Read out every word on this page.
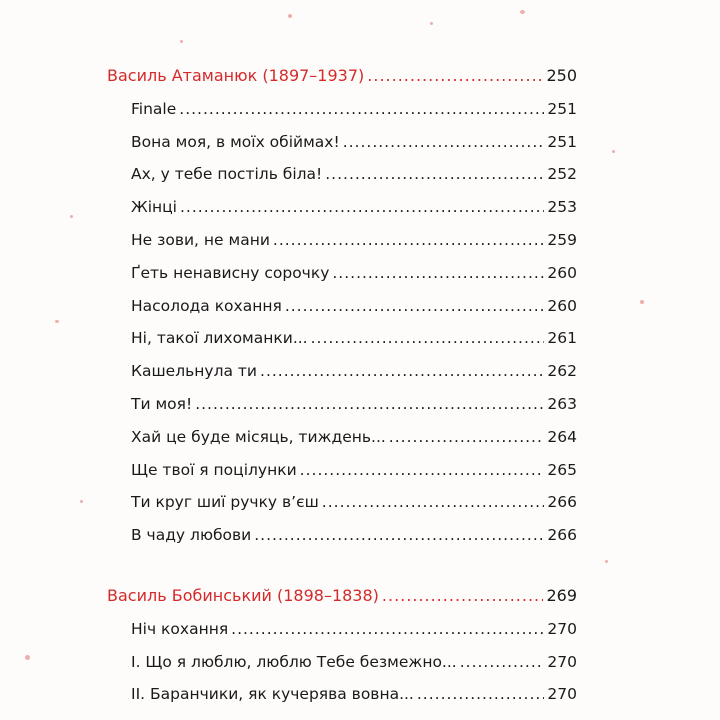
Василь Атаманюк (1897–1937) .....	250
Finale .....	251
Вона моя, в моїх обіймах! .....	251
Ах, у тебе постіль біла! .....	252
Жінці .....	253
Не зови, не мани .....	259
Ґеть ненависну сорочку .....	260
Насолода кохання .....	260
Ні, такої лихоманки... .....	261
Кашельнула ти .....	262
Ти моя! .....	263
Хай це буде місяць, тиждень... .....	264
Ще твої я поцілунки .....	265
Ти круг шиї ручку в’єш .....	266
В чаду любови .....	266
Василь Бобинський (1898–1838) .....	269
Ніч кохання .....	270
І. Що я люблю, люблю Тебе безмежно... .....	270
ІІ. Баранчики, як кучерява вовна... .....	270
